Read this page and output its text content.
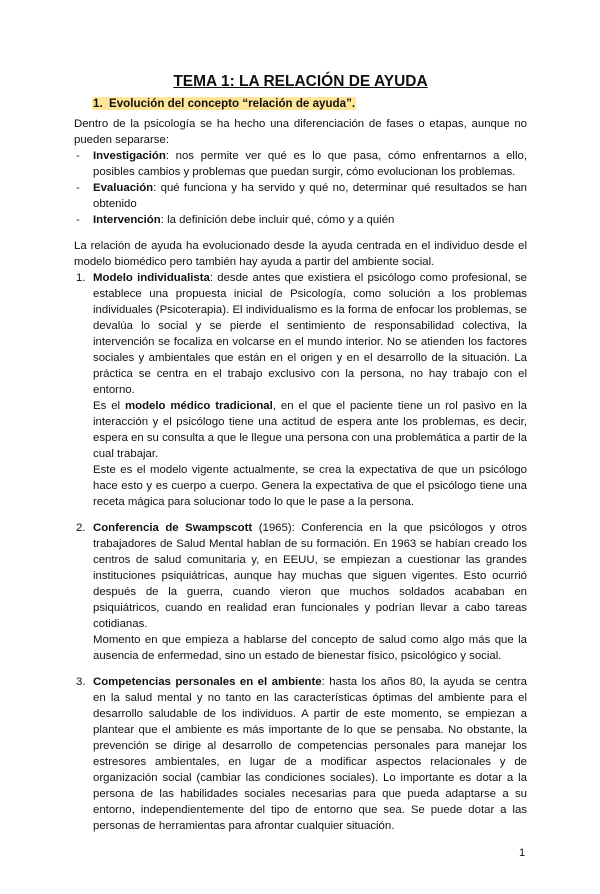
TEMA 1: LA RELACIÓN DE AYUDA
1. Evolución del concepto “relación de ayuda”.

Dentro de la psicología se ha hecho una diferenciación de fases o etapas, aunque no pueden separarse:

- Investigación: nos permite ver qué es lo que pasa, cómo enfrentarnos a ello, posibles cambios y problemas que puedan surgir, cómo evolucionan los problemas.
- Evaluación: qué funciona y ha servido y qué no, determinar qué resultados se han obtenido
- Intervención: la definición debe incluir qué, cómo y a quién

La relación de ayuda ha evolucionado desde la ayuda centrada en el individuo desde el modelo biomédico pero también hay ayuda a partir del ambiente social.

1. Modelo individualista: desde antes que existiera el psicólogo como profesional, se establece una propuesta inicial de Psicología, como solución a los problemas individuales (Psicoterapia). El individualismo es la forma de enfocar los problemas, se devalúa lo social y se pierde el sentimiento de responsabilidad colectiva, la intervención se focaliza en volcarse en el mundo interior. No se atienden los factores sociales y ambientales que están en el origen y en el desarrollo de la situación. La práctica se centra en el trabajo exclusivo con la persona, no hay trabajo con el entorno.

Es el modelo médico tradicional, en el que el paciente tiene un rol pasivo en la interacción y el psicólogo tiene una actitud de espera ante los problemas, es decir, espera en su consulta a que le llegue una persona con una problemática a partir de la cual trabajar.

Este es el modelo vigente actualmente, se crea la expectativa de que un psicólogo hace esto y es cuerpo a cuerpo. Genera la expectativa de que el psicólogo tiene una receta mágica para solucionar todo lo que le pase a la persona.

2. Conferencia de Swampscott (1965): Conferencia en la que psicólogos y otros trabajadores de Salud Mental hablan de su formación. En 1963 se habían creado los centros de salud comunitaria y, en EEUU, se empiezan a cuestionar las grandes instituciones psiquiátricas, aunque hay muchas que siguen vigentes. Esto ocurrió después de la guerra, cuando vieron que muchos soldados acababan en psiquiátricos, cuando en realidad eran funcionales y podrían llevar a cabo tareas cotidianas.

Momento en que empieza a hablarse del concepto de salud como algo más que la ausencia de enfermedad, sino un estado de bienestar físico, psicológico y social.

3. Competencias personales en el ambiente: hasta los años 80, la ayuda se centra en la salud mental y no tanto en las características óptimas del ambiente para el desarrollo saludable de los individuos. A partir de este momento, se empiezan a plantear que el ambiente es más importante de lo que se pensaba. No obstante, la prevención se dirige al desarrollo de competencias personales para manejar los estresores ambientales, en lugar de a modificar aspectos relacionales y de organización social (cambiar las condiciones sociales). Lo importante es dotar a la persona de las habilidades sociales necesarias para que pueda adaptarse a su entorno, independientemente del tipo de entorno que sea. Se puede dotar a las personas de herramientas para afrontar cualquier situación.

1
